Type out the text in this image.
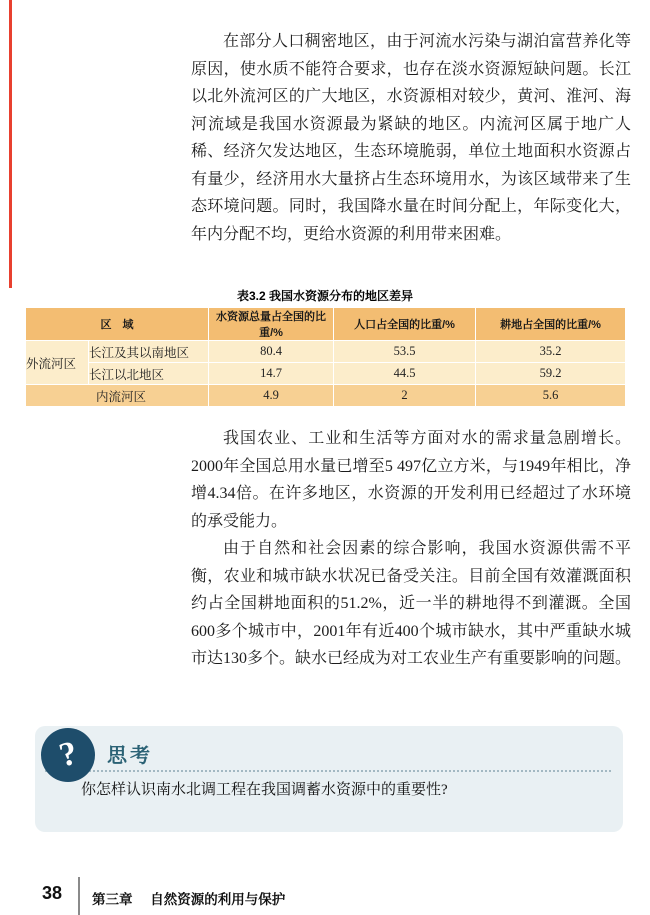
在部分人口稠密地区，由于河流水污染与湖泊富营养化等原因，使水质不能符合要求，也存在淡水资源短缺问题。长江以北外流河区的广大地区，水资源相对较少，黄河、淮河、海河流域是我国水资源最为紧缺的地区。内流河区属于地广人稀、经济欠发达地区，生态环境脆弱，单位土地面积水资源占有量少，经济用水大量挤占生态环境用水，为该区域带来了生态环境问题。同时，我国降水量在时间分配上，年际变化大，年内分配不均，更给水资源的利用带来困难。

表3.2 我国水资源分布的地区差异
区　域		水资源总量占全国的比重/%	人口占全国的比重/%	耕地占全国的比重/%
外流河区	长江及其以南地区	80.4	53.5	35.2
	长江以北地区	14.7	44.5	59.2
内流河区		4.9	2	5.6

我国农业、工业和生活等方面对水的需求量急剧增长。2000年全国总用水量已增至5 497亿立方米，与1949年相比，净增4.34倍。在许多地区，水资源的开发利用已经超过了水环境的承受能力。

由于自然和社会因素的综合影响，我国水资源供需不平衡，农业和城市缺水状况已备受关注。目前全国有效灌溉面积约占全国耕地面积的51.2%，近一半的耕地得不到灌溉。全国600多个城市中，2001年有近400个城市缺水，其中严重缺水城市达130多个。缺水已经成为对工农业生产有重要影响的问题。

? 思考
你怎样认识南水北调工程在我国调蓄水资源中的重要性?
38 第三章 自然资源的利用与保护
